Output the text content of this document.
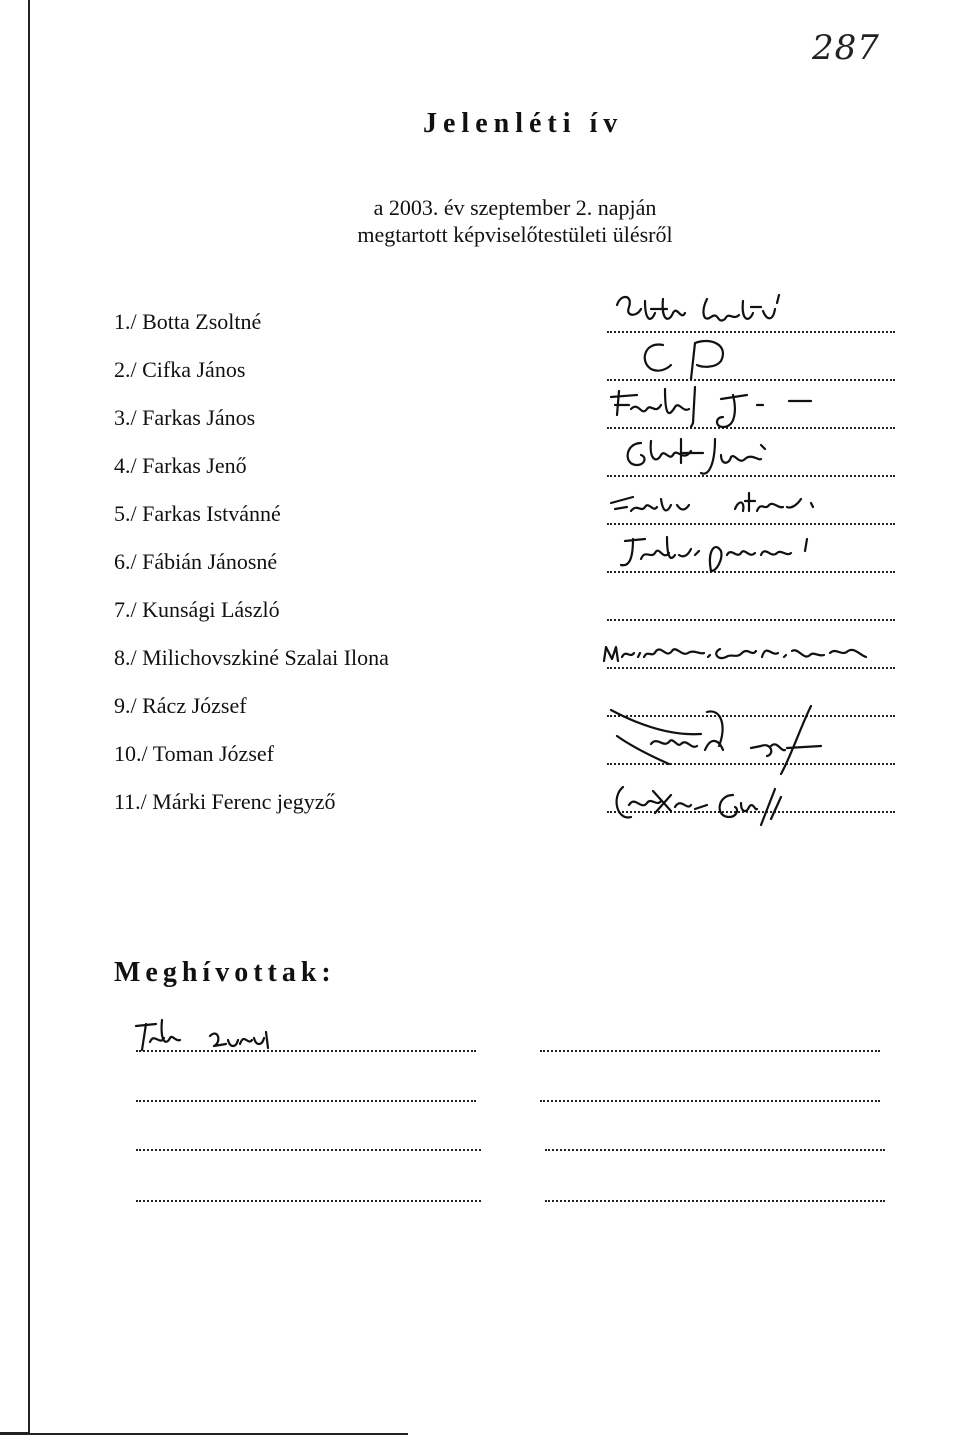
287
Jelenléti ív
a 2003. év szeptember 2. napján
megtartott képviselőtestületi ülésről
1./ Botta Zsoltné
2./ Cifka János
3./ Farkas János
4./ Farkas Jenő
5./ Farkas Istvánné
6./ Fábián Jánosné
7./ Kunsági László
8./ Milichovszkiné Szalai Ilona
9./ Rácz József
10./ Toman József
11./ Márki Ferenc jegyző
Meghívottak:
